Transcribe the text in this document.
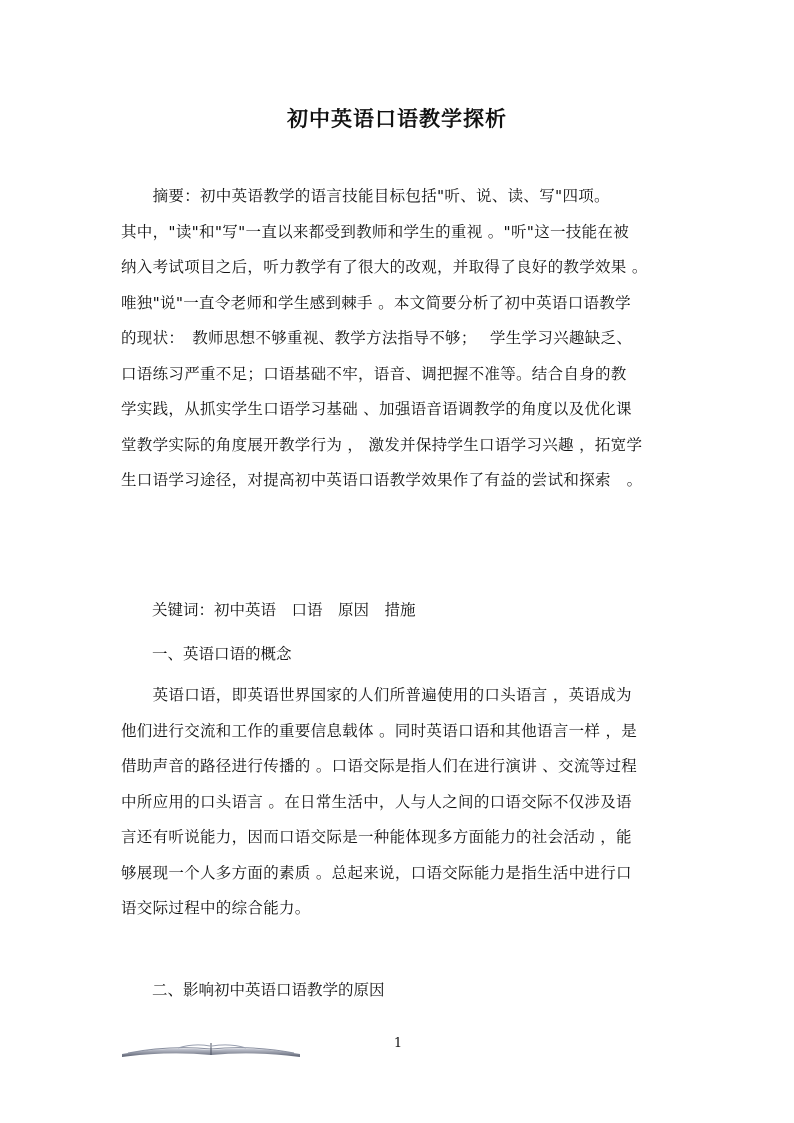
初中英语口语教学探析
　　摘要：初中英语教学的语言技能目标包括"听、说、读、写"四项。
其中，"读"和"写"一直以来都受到教师和学生的重视 。"听"这一技能在被
纳入考试项目之后，听力教学有了很大的改观，并取得了良好的教学效果 。
唯独"说"一直令老师和学生感到棘手 。本文简要分析了初中英语口语教学
的现状：　教师思想不够重视、教学方法指导不够；　 学生学习兴趣缺乏、
口语练习严重不足；口语基础不牢，语音、调把握不准等。结合自身的教
学实践，从抓实学生口语学习基础 、加强语音语调教学的角度以及优化课
堂教学实际的角度展开教学行为 ， 激发并保持学生口语学习兴趣 ，拓宽学
生口语学习途径，对提高初中英语口语教学效果作了有益的尝试和探索　。
关键词：初中英语　口语　原因　措施
一、英语口语的概念
　　英语口语，即英语世界国家的人们所普遍使用的口头语言 ，英语成为
他们进行交流和工作的重要信息载体 。同时英语口语和其他语言一样 ，是
借助声音的路径进行传播的 。口语交际是指人们在进行演讲 、交流等过程
中所应用的口头语言 。在日常生活中，人与人之间的口语交际不仅涉及语
言还有听说能力，因而口语交际是一种能体现多方面能力的社会活动 ，能
够展现一个人多方面的素质 。总起来说，口语交际能力是指生活中进行口
语交际过程中的综合能力。
二、影响初中英语口语教学的原因
1
